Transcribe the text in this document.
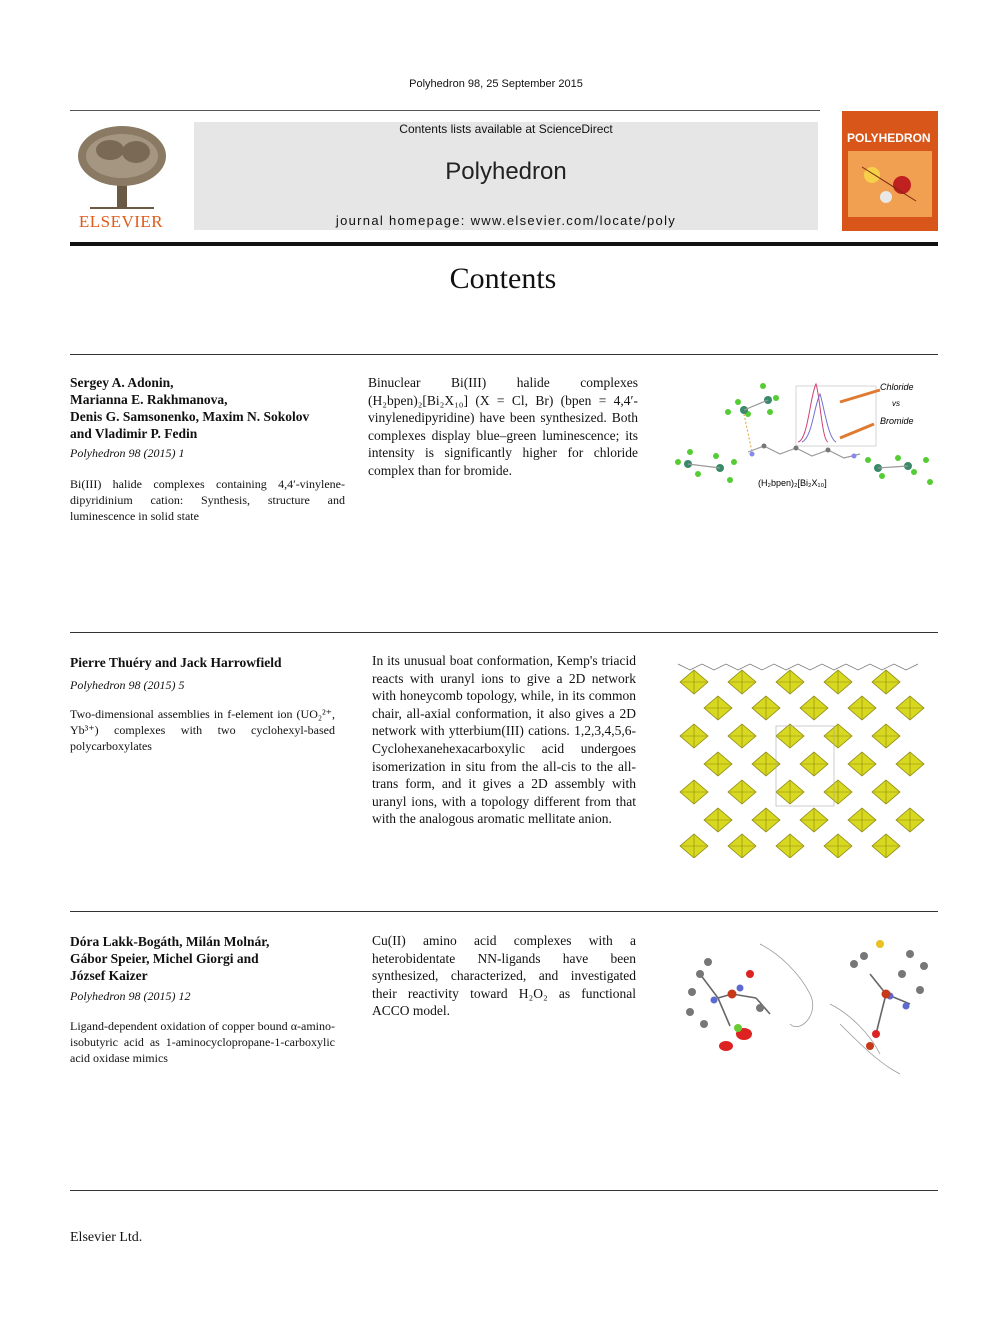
Polyhedron 98, 25 September 2015
ELSEVIER
Contents lists available at ScienceDirect
Polyhedron
journal homepage: www.elsevier.com/locate/poly
POLYHEDRON
Contents
Sergey A. Adonin,
Marianna E. Rakhmanova,
Denis G. Samsonenko, Maxim N. Sokolov
and Vladimir P. Fedin
Polyhedron 98 (2015) 1
Bi(III) halide complexes containing 4,4′-vinylene-dipyridinium cation: Synthesis, structure and luminescence in solid state
Binuclear Bi(III) halide complexes (H₂bpen)₂[Bi₂X₁₀] (X = Cl, Br) (bpen = 4,4′-vinylenedipyridine) have been synthesized. Both complexes display blue–green luminescence; its intensity is significantly higher for chloride complex than for bromide.
Chloride
vs
Bromide
(H₂bpen)₂[Bi₂X₁₀]
Pierre Thuéry and Jack Harrowfield
Polyhedron 98 (2015) 5
Two-dimensional assemblies in f-element ion (UO₂²⁺, Yb³⁺) complexes with two cyclohexyl-based polycarboxylates
In its unusual boat conformation, Kemp's triacid reacts with uranyl ions to give a 2D network with honeycomb topology, while, in its common chair, all-axial conformation, it also gives a 2D network with ytterbium(III) cations. 1,2,3,4,5,6-Cyclohexanehexacarboxylic acid undergoes isomerization in situ from the all-cis to the all-trans form, and it gives a 2D assembly with uranyl ions, with a topology different from that with the analogous aromatic mellitate anion.
Dóra Lakk-Bogáth, Milán Molnár,
Gábor Speier, Michel Giorgi and
József Kaizer
Polyhedron 98 (2015) 12
Ligand-dependent oxidation of copper bound α-amino-isobutyric acid as 1-aminocyclopropane-1-carboxylic acid oxidase mimics
Cu(II) amino acid complexes with a heterobidentate NN-ligands have been synthesized, characterized, and investigated their reactivity toward H₂O₂ as functional ACCO model.
Elsevier Ltd.
